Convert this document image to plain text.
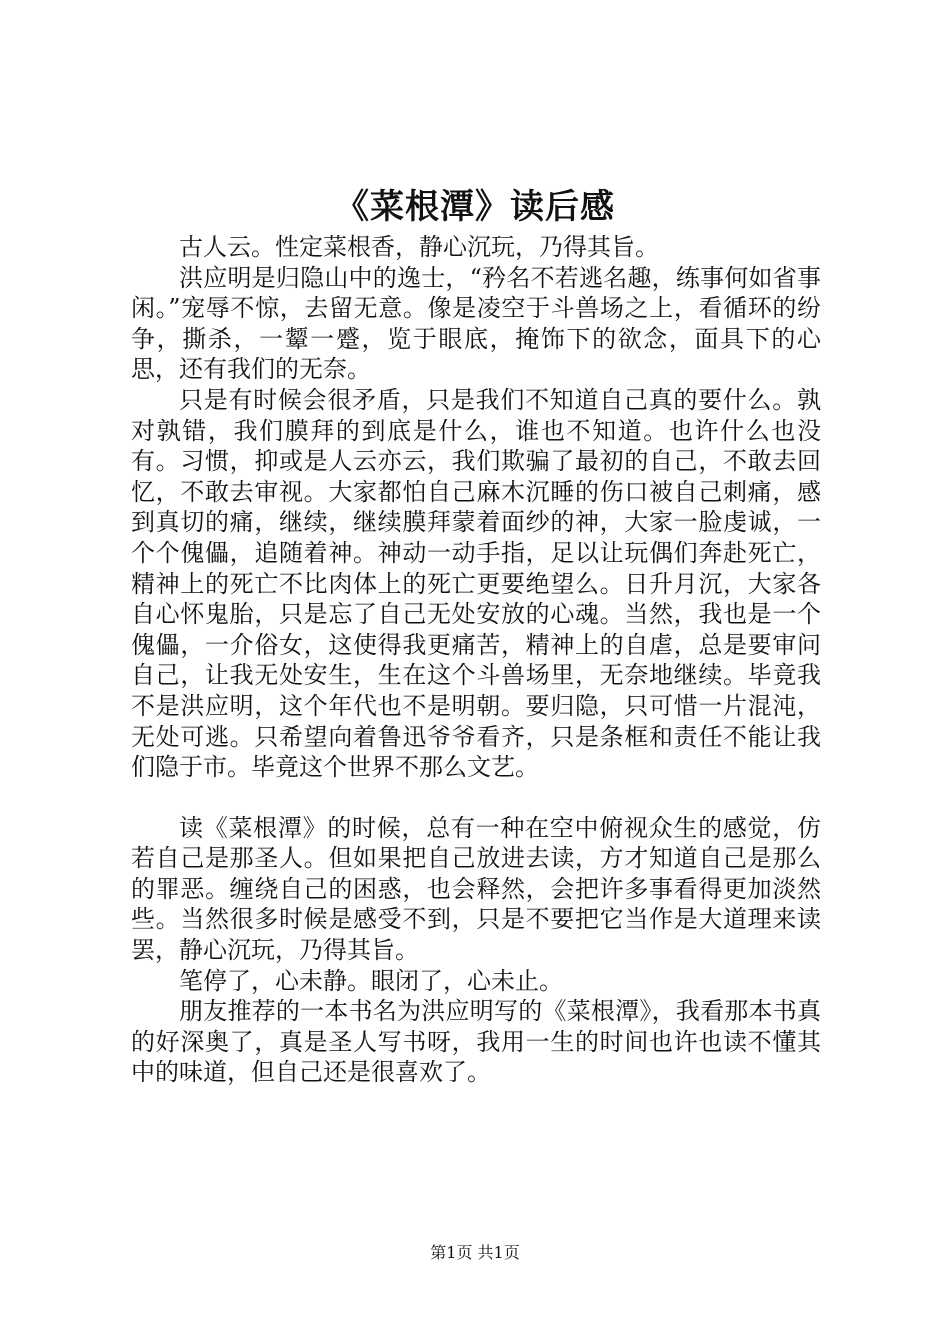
《菜根潭》读后感

古人云。性定菜根香，静心沉玩，乃得其旨。

洪应明是归隐山中的逸士，“矜名不若逃名趣，练事何如省事闲。”宠辱不惊，去留无意。像是凌空于斗兽场之上，看循环的纷争，撕杀，一颦一蹙，览于眼底，掩饰下的欲念，面具下的心思，还有我们的无奈。

只是有时候会很矛盾，只是我们不知道自己真的要什么。孰对孰错，我们膜拜的到底是什么，谁也不知道。也许什么也没有。习惯，抑或是人云亦云，我们欺骗了最初的自己，不敢去回忆，不敢去审视。大家都怕自己麻木沉睡的伤口被自己刺痛，感到真切的痛，继续，继续膜拜蒙着面纱的神，大家一脸虔诚，一个个傀儡，追随着神。神动一动手指，足以让玩偶们奔赴死亡，精神上的死亡不比肉体上的死亡更要绝望么。日升月沉，大家各自心怀鬼胎，只是忘了自己无处安放的心魂。当然，我也是一个傀儡，一介俗女，这使得我更痛苦，精神上的自虐，总是要审问自己，让我无处安生，生在这个斗兽场里，无奈地继续。毕竟我不是洪应明，这个年代也不是明朝。要归隐，只可惜一片混沌，无处可逃。只希望向着鲁迅爷爷看齐，只是条框和责任不能让我们隐于市。毕竟这个世界不那么文艺。

读《菜根潭》的时候，总有一种在空中俯视众生的感觉，仿若自己是那圣人。但如果把自己放进去读，方才知道自己是那么的罪恶。缠绕自己的困惑，也会释然，会把许多事看得更加淡然些。当然很多时候是感受不到，只是不要把它当作是大道理来读罢，静心沉玩，乃得其旨。

笔停了，心未静。眼闭了，心未止。

朋友推荐的一本书名为洪应明写的《菜根潭》，我看那本书真的好深奥了，真是圣人写书呀，我用一生的时间也许也读不懂其中的味道，但自己还是很喜欢了。

第1页 共1页
